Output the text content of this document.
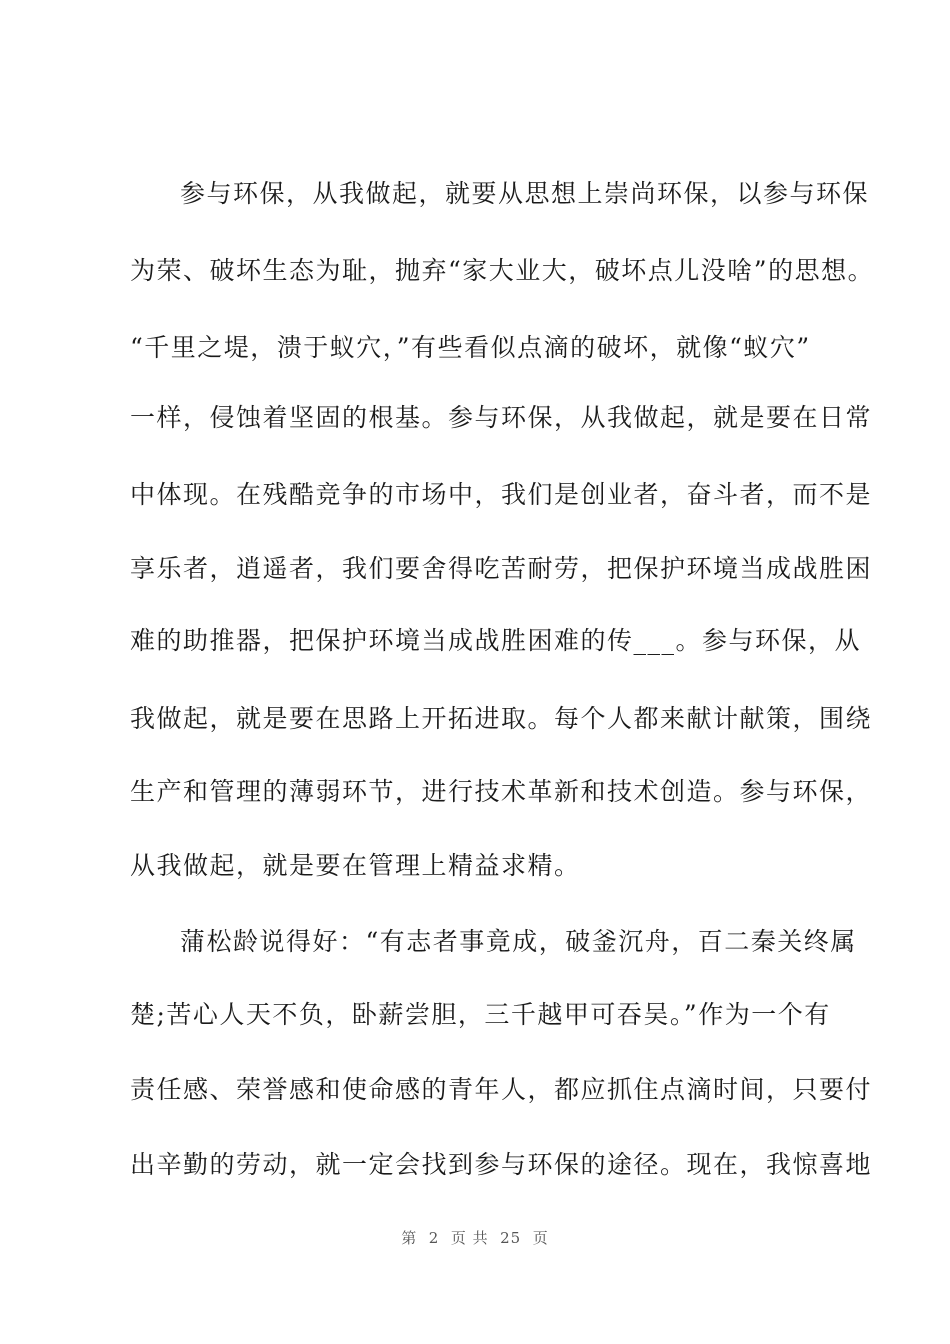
参与环保，从我做起，就要从思想上崇尚环保，以参与环保
为荣、破坏生态为耻，抛弃“家大业大，破坏点儿没啥”的思想。
“千里之堤，溃于蚁穴，”有些看似点滴的破坏，就像“蚁穴”
一样，侵蚀着坚固的根基。参与环保，从我做起，就是要在日常
中体现。在残酷竞争的市场中，我们是创业者，奋斗者，而不是
享乐者，逍遥者，我们要舍得吃苦耐劳，把保护环境当成战胜困
难的助推器，把保护环境当成战胜困难的传___。参与环保，从
我做起，就是要在思路上开拓进取。每个人都来献计献策，围绕
生产和管理的薄弱环节，进行技术革新和技术创造。参与环保，
从我做起，就是要在管理上精益求精。
蒲松龄说得好：“有志者事竟成，破釜沉舟，百二秦关终属
楚;苦心人天不负，卧薪尝胆，三千越甲可吞吴。”作为一个有
责任感、荣誉感和使命感的青年人，都应抓住点滴时间，只要付
出辛勤的劳动，就一定会找到参与环保的途径。现在，我惊喜地
第  2  页 共  25  页
